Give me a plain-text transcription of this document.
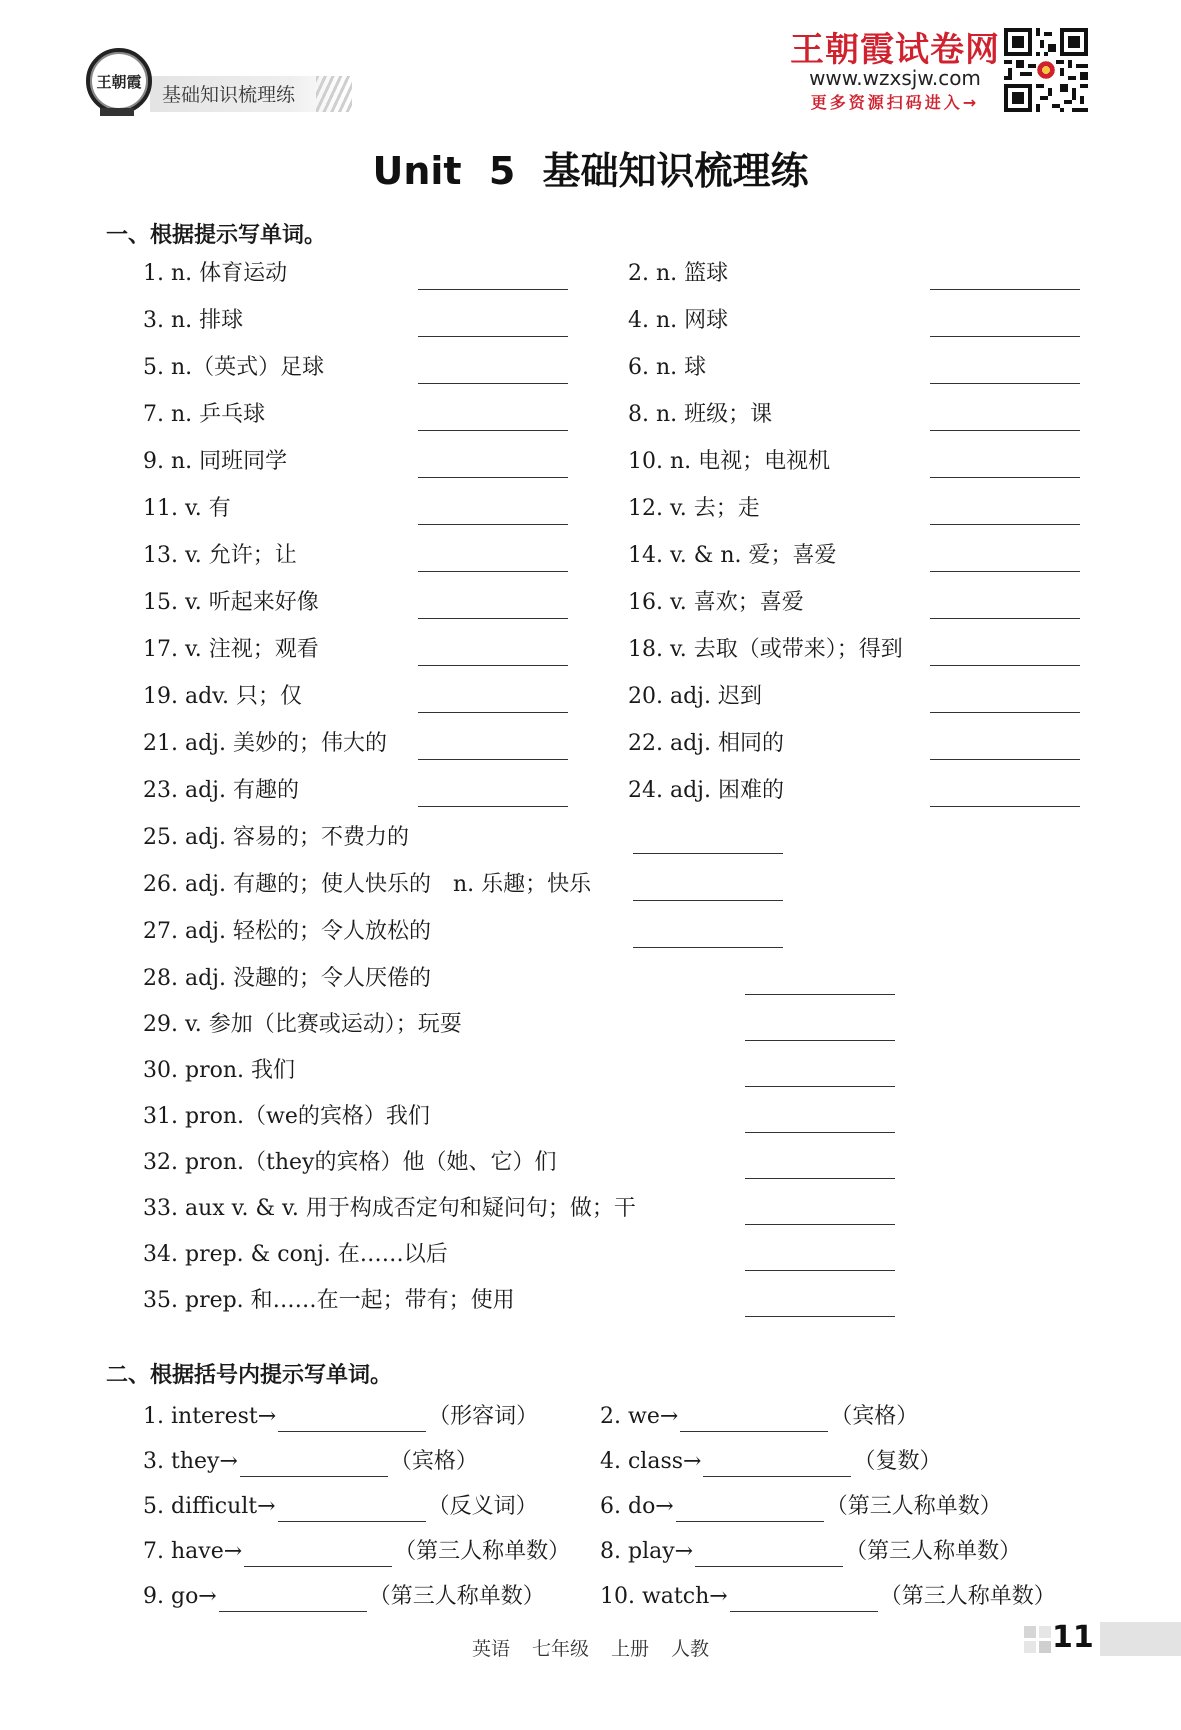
王朝霞
基础知识梳理练
王朝霞试卷网
www.wzxsjw.com
更多资源扫码进入→
Unit 5 基础知识梳理练
一、根据提示写单词。
1. n. 体育运动	2. n. 篮球
3. n. 排球	4. n. 网球
5. n.（英式）足球	6. n. 球
7. n. 乒乓球	8. n. 班级；课
9. n. 同班同学	10. n. 电视；电视机
11. v. 有	12. v. 去；走
13. v. 允许；让	14. v. & n. 爱；喜爱
15. v. 听起来好像	16. v. 喜欢；喜爱
17. v. 注视；观看	18. v. 去取（或带来）；得到
19. adv. 只；仅	20. adj. 迟到
21. adj. 美妙的；伟大的	22. adj. 相同的
23. adj. 有趣的	24. adj. 困难的
25. adj. 容易的；不费力的
26. adj. 有趣的；使人快乐的　n. 乐趣；快乐
27. adj. 轻松的；令人放松的
28. adj. 没趣的；令人厌倦的
29. v. 参加（比赛或运动）；玩耍
30. pron. 我们
31. pron.（we的宾格）我们
32. pron.（they的宾格）他（她、它）们
33. aux v. & v. 用于构成否定句和疑问句；做；干
34. prep. & conj. 在……以后
35. prep. 和……在一起；带有；使用
二、根据括号内提示写单词。
1. interest→	（形容词）	2. we→	（宾格）
3. they→	（宾格）	4. class→	（复数）
5. difficult→	（反义词）	6. do→	（第三人称单数）
7. have→	（第三人称单数） 8. play→	（第三人称单数）
9. go→	（第三人称单数）	10. watch→	（第三人称单数）
英语 七年级 上册 人教	11
